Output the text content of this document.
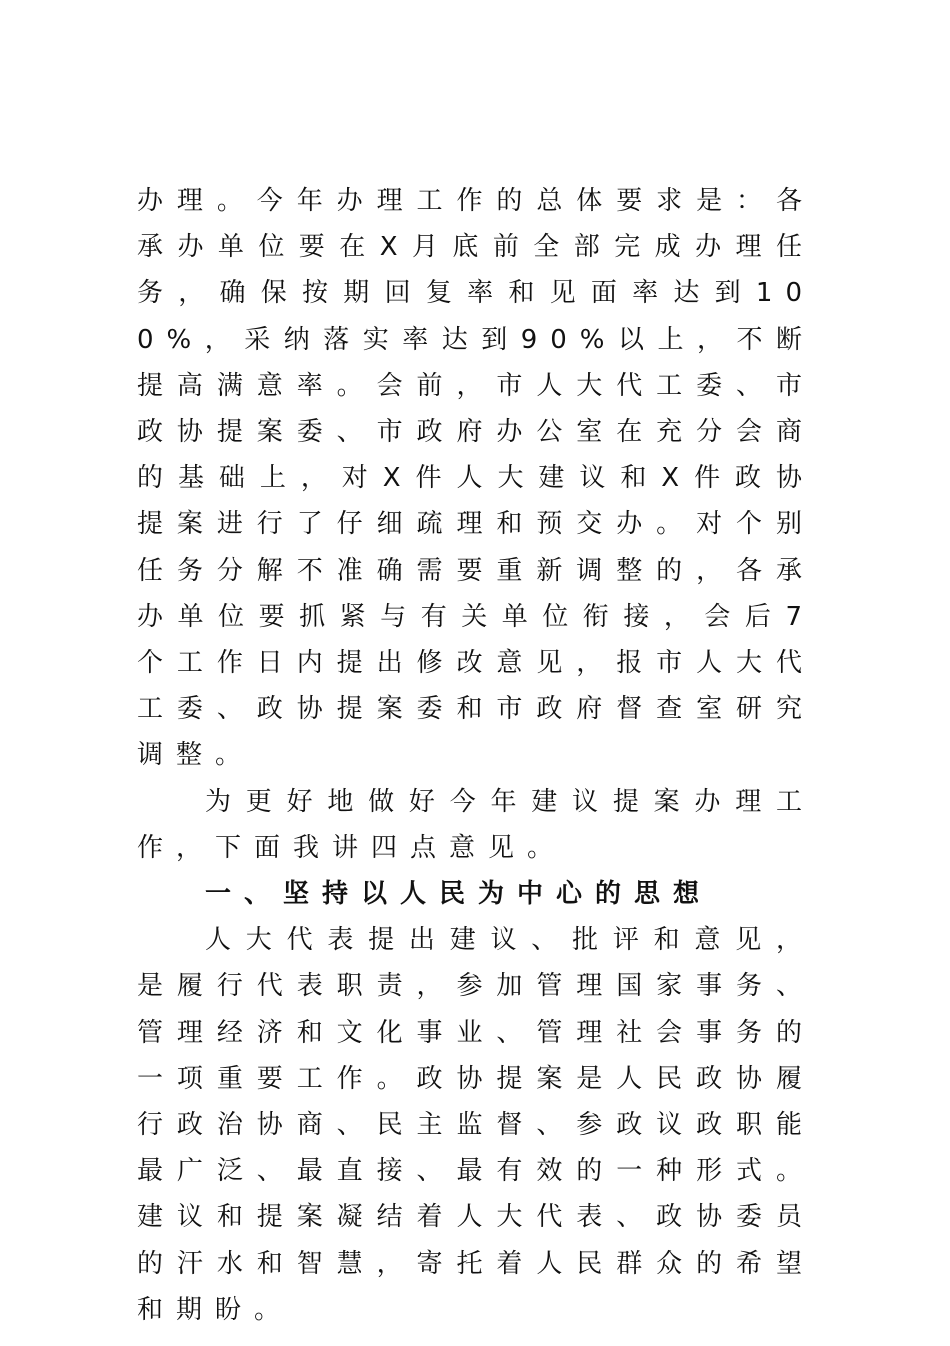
办理。今年办理工作的总体要求是：各承办单位要在X月底前全部完成办理任务，确保按期回复率和见面率达到100%，采纳落实率达到90%以上，不断提高满意率。会前，市人大代工委、市政协提案委、市政府办公室在充分会商的基础上，对X件人大建议和X件政协提案进行了仔细疏理和预交办。对个别任务分解不准确需要重新调整的，各承办单位要抓紧与有关单位衔接，会后7个工作日内提出修改意见，报市人大代工委、政协提案委和市政府督查室研究调整。

为更好地做好今年建议提案办理工作，下面我讲四点意见。

一、坚持以人民为中心的思想

人大代表提出建议、批评和意见，是履行代表职责，参加管理国家事务、管理经济和文化事业、管理社会事务的一项重要工作。政协提案是人民政协履行政治协商、民主监督、参政议政职能最广泛、最直接、最有效的一种形式。建议和提案凝结着人大代表、政协委员的汗水和智慧，寄托着人民群众的希望和期盼。
